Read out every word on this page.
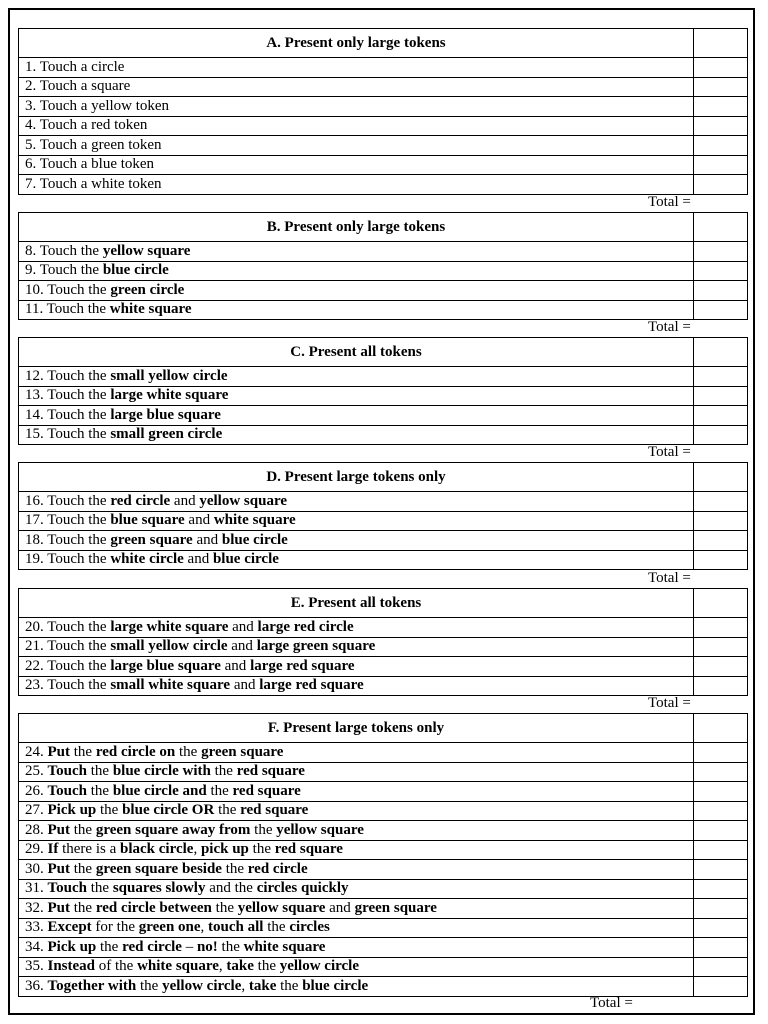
A. Present only large tokens	
1. Touch a circle	
2. Touch a square	
3. Touch a yellow token	
4. Touch a red token	
5. Touch a green token	
6. Touch a blue token	
7. Touch a white token	
Total =
B. Present only large tokens	
8. Touch the yellow square	
9. Touch the blue circle	
10. Touch the green circle	
11. Touch the white square	
Total =
C. Present all tokens	
12. Touch the small yellow circle	
13. Touch the large white square	
14. Touch the large blue square	
15. Touch the small green circle	
Total =
D. Present large tokens only	
16. Touch the red circle and yellow square	
17. Touch the blue square and white square	
18. Touch the green square and blue circle	
19. Touch the white circle and blue circle	
Total =
E. Present all tokens	
20. Touch the large white square and large red circle	
21. Touch the small yellow circle and large green square	
22. Touch the large blue square and large red square	
23. Touch the small white square and large red square	
Total =
F. Present large tokens only	
24. Put the red circle on the green square	
25. Touch the blue circle with the red square	
26. Touch the blue circle and the red square	
27. Pick up the blue circle OR the red square	
28. Put the green square away from the yellow square	
29. If there is a black circle, pick up the red square	
30. Put the green square beside the red circle	
31. Touch the squares slowly and the circles quickly	
32. Put the red circle between the yellow square and green square	
33. Except for the green one, touch all the circles	
34. Pick up the red circle – no! the white square	
35. Instead of the white square, take the yellow circle	
36. Together with the yellow circle, take the blue circle	
Total =
